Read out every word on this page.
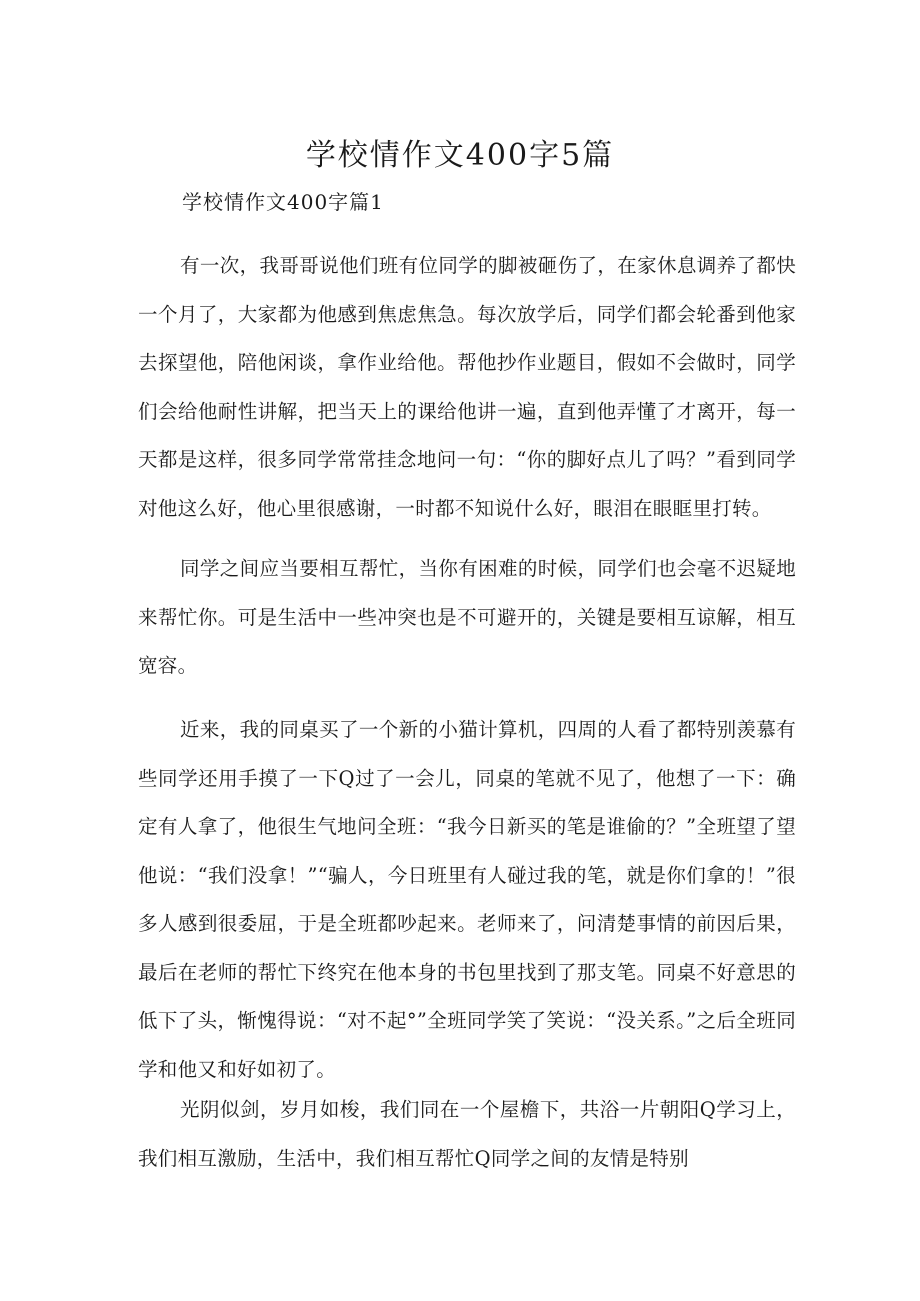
学校情作文400字5篇
学校情作文400字篇1

有一次，我哥哥说他们班有位同学的脚被砸伤了，在家休息调养了都快一个月了，大家都为他感到焦虑焦急。每次放学后，同学们都会轮番到他家去探望他，陪他闲谈，拿作业给他。帮他抄作业题目，假如不会做时，同学们会给他耐性讲解，把当天上的课给他讲一遍，直到他弄懂了才离开，每一天都是这样，很多同学常常挂念地问一句：“你的脚好点儿了吗？”看到同学对他这么好，他心里很感谢，一时都不知说什么好，眼泪在眼眶里打转。

同学之间应当要相互帮忙，当你有困难的时候，同学们也会毫不迟疑地来帮忙你。可是生活中一些冲突也是不可避开的，关键是要相互谅解，相互宽容。

近来，我的同桌买了一个新的小猫计算机，四周的人看了都特别羡慕有些同学还用手摸了一下Q过了一会儿，同桌的笔就不见了，他想了一下：确定有人拿了，他很生气地问全班：“我今日新买的笔是谁偷的？”全班望了望他说：“我们没拿！”“骗人，今日班里有人碰过我的笔，就是你们拿的！”很多人感到很委屈，于是全班都吵起来。老师来了，问清楚事情的前因后果，最后在老师的帮忙下终究在他本身的书包里找到了那支笔。同桌不好意思的低下了头，惭愧得说：“对不起°”全班同学笑了笑说：“没关系。”之后全班同学和他又和好如初了。

光阴似剑，岁月如梭，我们同在一个屋檐下，共浴一片朝阳Q学习上，我们相互激励，生活中，我们相互帮忙Q同学之间的友情是特别
